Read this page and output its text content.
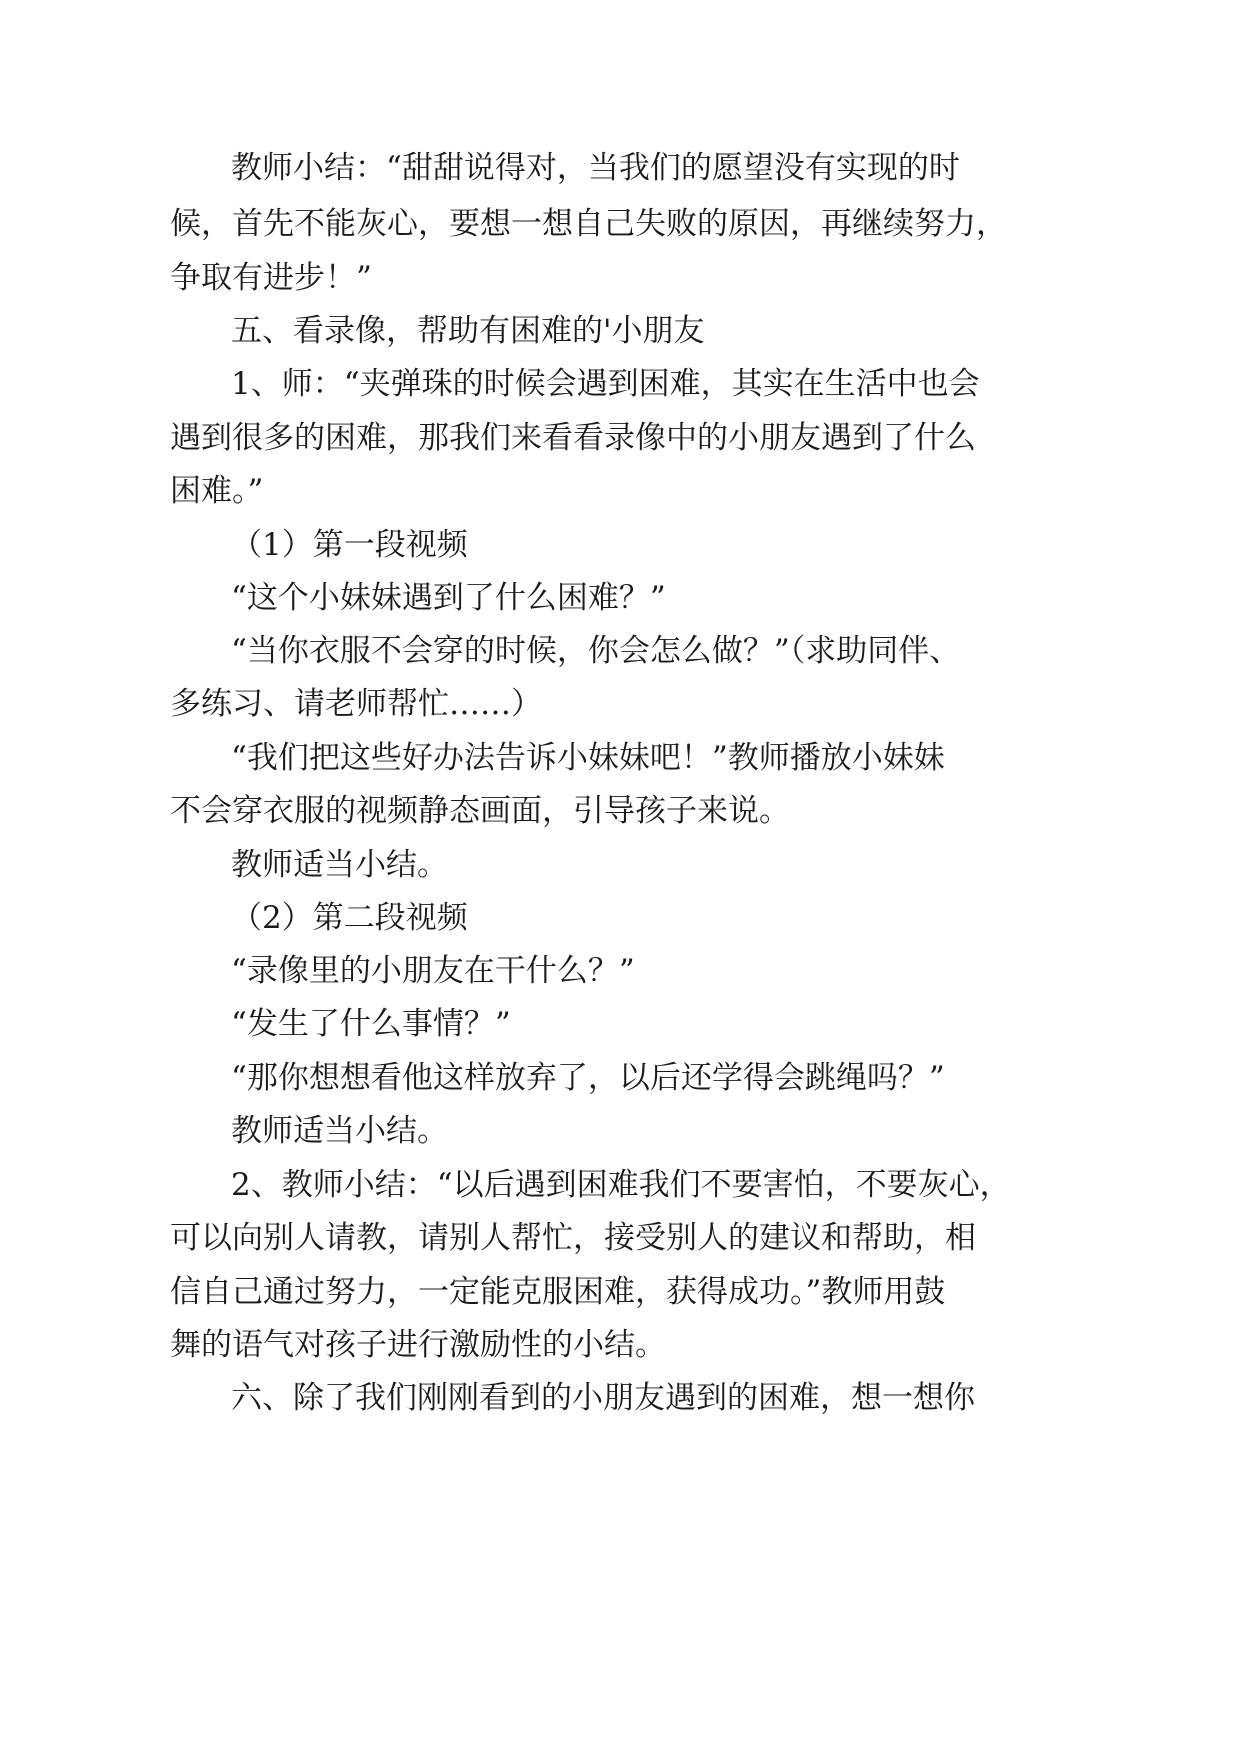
教师小结：“甜甜说得对，当我们的愿望没有实现的时
候，首先不能灰心，要想一想自己失败的原因，再继续努力，
争取有进步！”
五、看录像，帮助有困难的'小朋友
1、师：“夹弹珠的时候会遇到困难，其实在生活中也会
遇到很多的困难，那我们来看看录像中的小朋友遇到了什么
困难。”
（1）第一段视频
“这个小妹妹遇到了什么困难？”
“当你衣服不会穿的时候，你会怎么做？”（求助同伴、
多练习、请老师帮忙……）
“我们把这些好办法告诉小妹妹吧！”教师播放小妹妹
不会穿衣服的视频静态画面，引导孩子来说。
教师适当小结。
（2）第二段视频
“录像里的小朋友在干什么？”
“发生了什么事情？”
“那你想想看他这样放弃了，以后还学得会跳绳吗？”
教师适当小结。
2、教师小结：“以后遇到困难我们不要害怕，不要灰心，
可以向别人请教，请别人帮忙，接受别人的建议和帮助，相
信自己通过努力，一定能克服困难，获得成功。”教师用鼓
舞的语气对孩子进行激励性的小结。
六、除了我们刚刚看到的小朋友遇到的困难，想一想你
